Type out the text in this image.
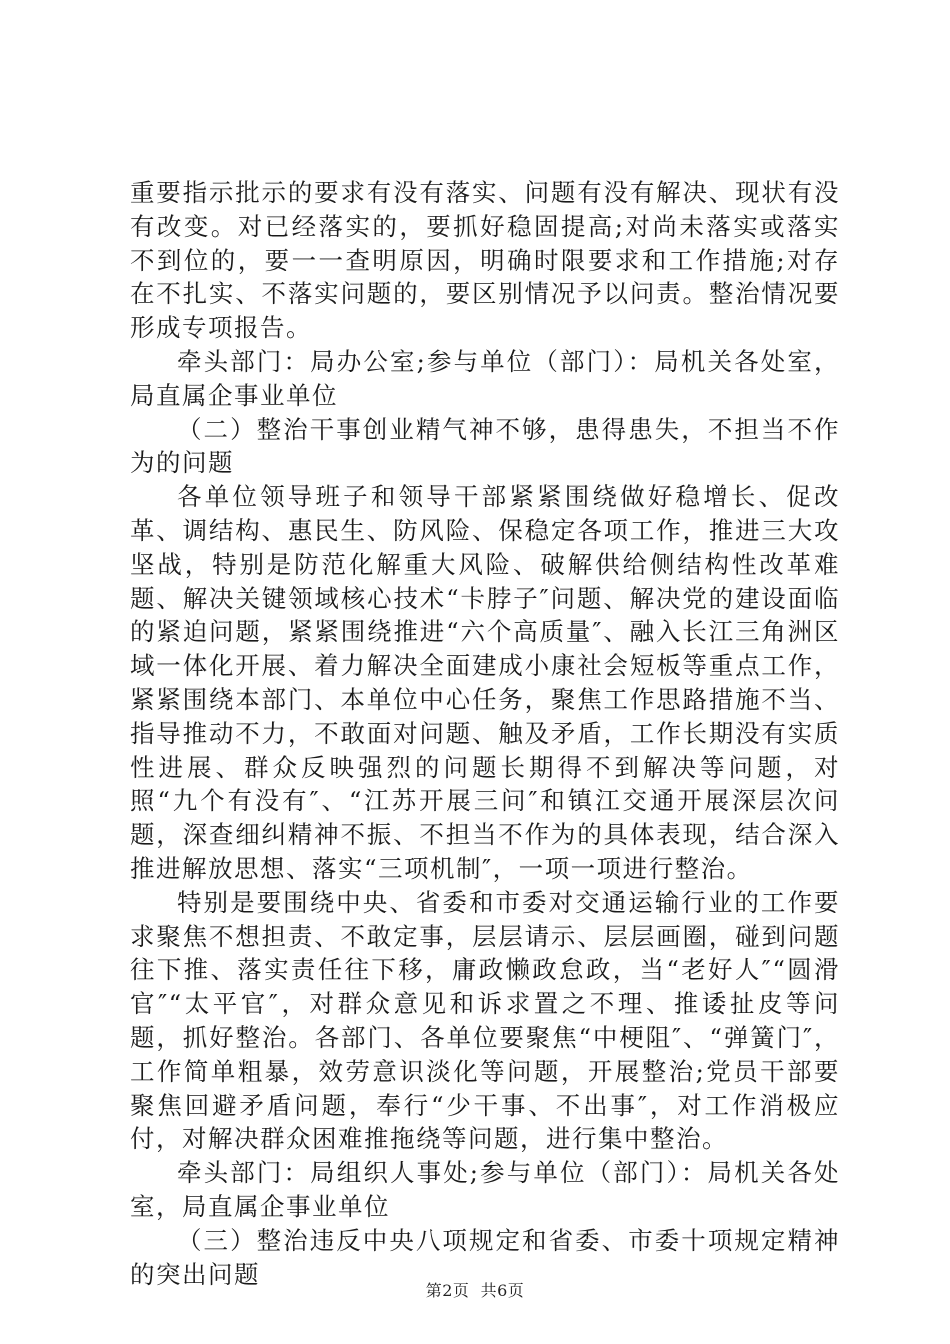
重要指示批示的要求有没有落实、问题有没有解决、现状有没有改变。对已经落实的，要抓好稳固提高;对尚未落实或落实不到位的，要一一查明原因，明确时限要求和工作措施;对存在不扎实、不落实问题的，要区别情况予以问责。整治情况要形成专项报告。

牵头部门：局办公室;参与单位（部门）：局机关各处室，局直属企事业单位

（二）整治干事创业精气神不够，患得患失，不担当不作为的问题

各单位领导班子和领导干部紧紧围绕做好稳增长、促改革、调结构、惠民生、防风险、保稳定各项工作，推进三大攻坚战，特别是防范化解重大风险、破解供给侧结构性改革难题、解决关键领域核心技术“卡脖子″问题、解决党的建设面临的紧迫问题，紧紧围绕推进“六个高质量″、融入长江三角洲区域一体化开展、着力解决全面建成小康社会短板等重点工作，紧紧围绕本部门、本单位中心任务，聚焦工作思路措施不当、指导推动不力，不敢面对问题、触及矛盾，工作长期没有实质性进展、群众反映强烈的问题长期得不到解决等问题，对照“九个有没有″、“江苏开展三问″和镇江交通开展深层次问题，深查细纠精神不振、不担当不作为的具体表现，结合深入推进解放思想、落实“三项机制″，一项一项进行整治。

特别是要围绕中央、省委和市委对交通运输行业的工作要求聚焦不想担责、不敢定事，层层请示、层层画圈，碰到问题往下推、落实责任往下移，庸政懒政怠政，当“老好人″“圆滑官″“太平官″，对群众意见和诉求置之不理、推诿扯皮等问题，抓好整治。各部门、各单位要聚焦“中梗阻″、“弹簧门″，工作简单粗暴，效劳意识淡化等问题，开展整治;党员干部要聚焦回避矛盾问题，奉行“少干事、不出事″，对工作消极应付，对解决群众困难推拖绕等问题，进行集中整治。

牵头部门：局组织人事处;参与单位（部门）：局机关各处室，局直属企事业单位

（三）整治违反中央八项规定和省委、市委十项规定精神的突出问题

第2页  共6页
